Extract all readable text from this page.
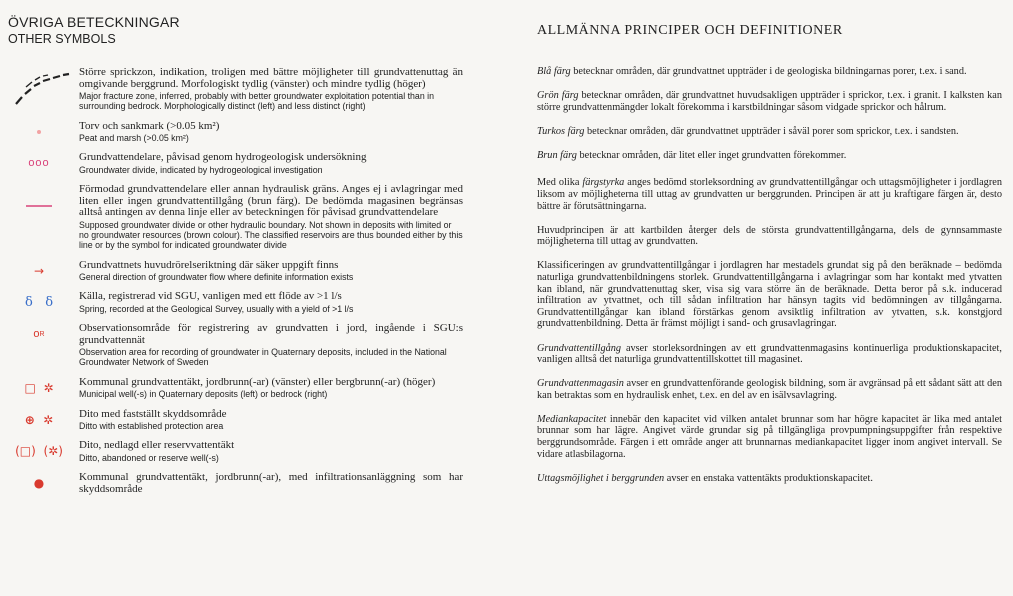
ÖVRIGA BETECKNINGAR
OTHER SYMBOLS
Större sprickzon, indikation, troligen med bättre möjligheter till grundvattenuttag än omgivande berggrund. Morfologiskt tydlig (vänster) och mindre tydlig (höger)
Major fracture zone, inferred, probably with better groundwater exploitation potential than in surrounding bedrock. Morphologically distinct (left) and less distinct (right)
Torv och sankmark (>0.05 km²)
Peat and marsh (>0.05 km²)
ooo	Grundvattendelare, påvisad genom hydrogeologisk undersökning
Groundwater divide, indicated by hydrogeological investigation
Förmodad grundvattendelare eller annan hydraulisk gräns. Anges ej i avlagringar med liten eller ingen grundvattentillgång (brun färg). De bedömda magasinen begränsas alltså antingen av denna linje eller av beteckningen för påvisad grundvattendelare
Supposed groundwater divide or other hydraulic boundary. Not shown in deposits with limited or no groundwater resources (brown colour). The classified reservoirs are thus bounded either by this line or by the symbol for indicated groundwater divide
→	Grundvattnets huvudrörelseriktning där säker uppgift finns
General direction of groundwater flow where definite information exists
δ   δ	Källa, registrerad vid SGU, vanligen med ett flöde av >1 l/s
Spring, recorded at the Geological Survey, usually with a yield of >1 l/s
o R	Observationsområde för registrering av grundvatten i jord, ingående i SGU:s grundvattennät
Observation area for recording of groundwater in Quaternary deposits, included in the National Groundwater Network of Sweden
□  ✲	Kommunal grundvattentäkt, jordbrunn(-ar) (vänster) eller bergbrunn(-ar) (höger)
Municipal well(-s) in Quaternary deposits (left) or bedrock (right)
⊕  ✲	Dito med fastställt skyddsområde
Ditto with established protection area
(□)  (✲)	Dito, nedlagd eller reservvattentäkt
Ditto, abandoned or reserve well(-s)
●	Kommunal grundvattentäkt, jordbrunn(-ar), med infiltrationsanläggning som har skyddsområde
ALLMÄNNA PRINCIPER OCH DEFINITIONER

Blå färg betecknar områden, där grundvattnet uppträder i de geologiska bildningarnas porer, t.ex. i sand.

Grön färg betecknar områden, där grundvattnet huvudsakligen uppträder i sprickor, t.ex. i granit. I kalksten kan större grundvattenmängder lokalt förekomma i karstbildningar såsom vidgade sprickor och hålrum.

Turkos färg betecknar områden, där grundvattnet uppträder i såväl porer som sprickor, t.ex. i sandsten.

Brun färg betecknar områden, där litet eller inget grundvatten förekommer.

Med olika färgstyrka anges bedömd storleksordning av grundvattentillgångar och uttagsmöjligheter i jordlagren liksom av möjligheterna till uttag av grundvatten ur berggrunden. Principen är att ju kraftigare färgen är, desto bättre är förutsättningarna.

Huvudprincipen är att kartbilden återger dels de största grundvattentillgångarna, dels de gynnsammaste möjligheterna till uttag av grundvatten.

Klassificeringen av grundvattentillgångar i jordlagren har mestadels grundat sig på den beräknade – bedömda naturliga grundvattenbildningens storlek. Grundvattentillgångarna i avlagringar som har kontakt med ytvatten kan ibland, när grundvattenuttag sker, visa sig vara större än de beräknade. Detta beror på s.k. inducerad infiltration av ytvattnet, och till sådan infiltration har hänsyn tagits vid bedömningen av tillgångarna. Grundvattentillgångar kan ibland förstärkas genom avsiktlig infiltration av ytvatten, s.k. konstgjord grundvattenbildning. Detta är främst möjligt i sand- och grusavlagringar.

Grundvattentillgång avser storleksordningen av ett grundvattenmagasins kontinuerliga produktionskapacitet, vanligen alltså det naturliga grundvattentillskottet till magasinet.

Grundvattenmagasin avser en grundvattenförande geologisk bildning, som är avgränsad på ett sådant sätt att den kan betraktas som en hydraulisk enhet, t.ex. en del av en isälvsavlagring.

Mediankapacitet innebär den kapacitet vid vilken antalet brunnar som har högre kapacitet är lika med antalet brunnar som har lägre. Angivet värde grundar sig på tillgängliga provpumpningsuppgifter från respektive berggrundsområde. Färgen i ett område anger att brunnarnas mediankapacitet ligger inom angivet intervall. Se vidare atlasbilagorna.

Uttagsmöjlighet i berggrunden avser en enstaka vattentäkts produktionskapacitet.
